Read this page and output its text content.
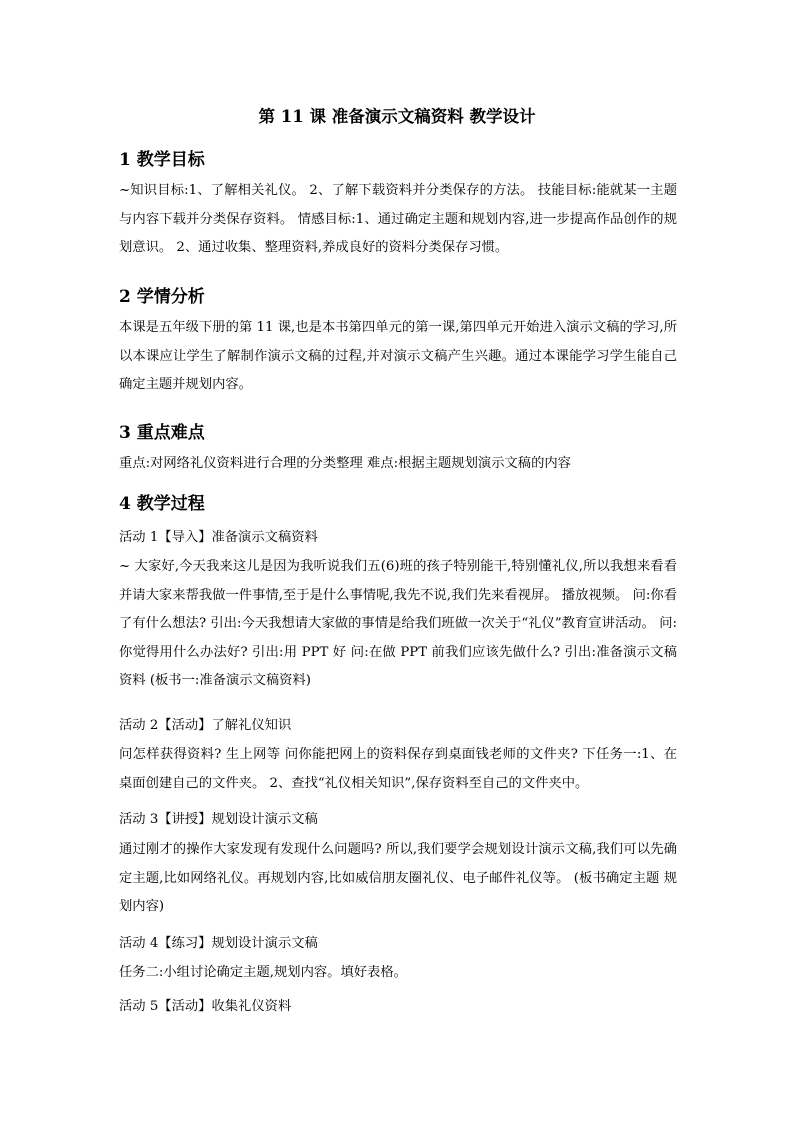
第 11 课 准备演示文稿资料 教学设计
1 教学目标

~知识目标:1、了解相关礼仪。 2、了解下载资料并分类保存的方法。 技能目标:能就某一主题与内容下载并分类保存资料。 情感目标:1、通过确定主题和规划内容,进一步提高作品创作的规划意识。 2、通过收集、整理资料,养成良好的资料分类保存习惯。

2 学情分析

本课是五年级下册的第 11 课,也是本书第四单元的第一课,第四单元开始进入演示文稿的学习,所以本课应让学生了解制作演示文稿的过程,并对演示文稿产生兴趣。通过本课能学习学生能自己确定主题并规划内容。

3 重点难点

重点:对网络礼仪资料进行合理的分类整理 难点:根据主题规划演示文稿的内容

4 教学过程
活动 1【导入】准备演示文稿资料

~ 大家好,今天我来这儿是因为我听说我们五(6)班的孩子特别能干,特别懂礼仪,所以我想来看看并请大家来帮我做一件事情,至于是什么事情呢,我先不说,我们先来看视屏。 播放视频。 问:你看了有什么想法? 引出:今天我想请大家做的事情是给我们班做一次关于“礼仪”教育宣讲活动。 问:你觉得用什么办法好? 引出:用 PPT 好 问:在做 PPT 前我们应该先做什么? 引出:准备演示文稿资料 (板书一:准备演示文稿资料)

活动 2【活动】了解礼仪知识

问怎样获得资料? 生上网等 问你能把网上的资料保存到桌面钱老师的文件夹? 下任务一:1、在桌面创建自己的文件夹。 2、查找“礼仪相关知识”,保存资料至自己的文件夹中。

活动 3【讲授】规划设计演示文稿

通过刚才的操作大家发现有发现什么问题吗? 所以,我们要学会规划设计演示文稿,我们可以先确定主题,比如网络礼仪。再规划内容,比如威信朋友圈礼仪、电子邮件礼仪等。 (板书确定主题 规划内容)

活动 4【练习】规划设计演示文稿

任务二:小组讨论确定主题,规划内容。填好表格。

活动 5【活动】收集礼仪资料
